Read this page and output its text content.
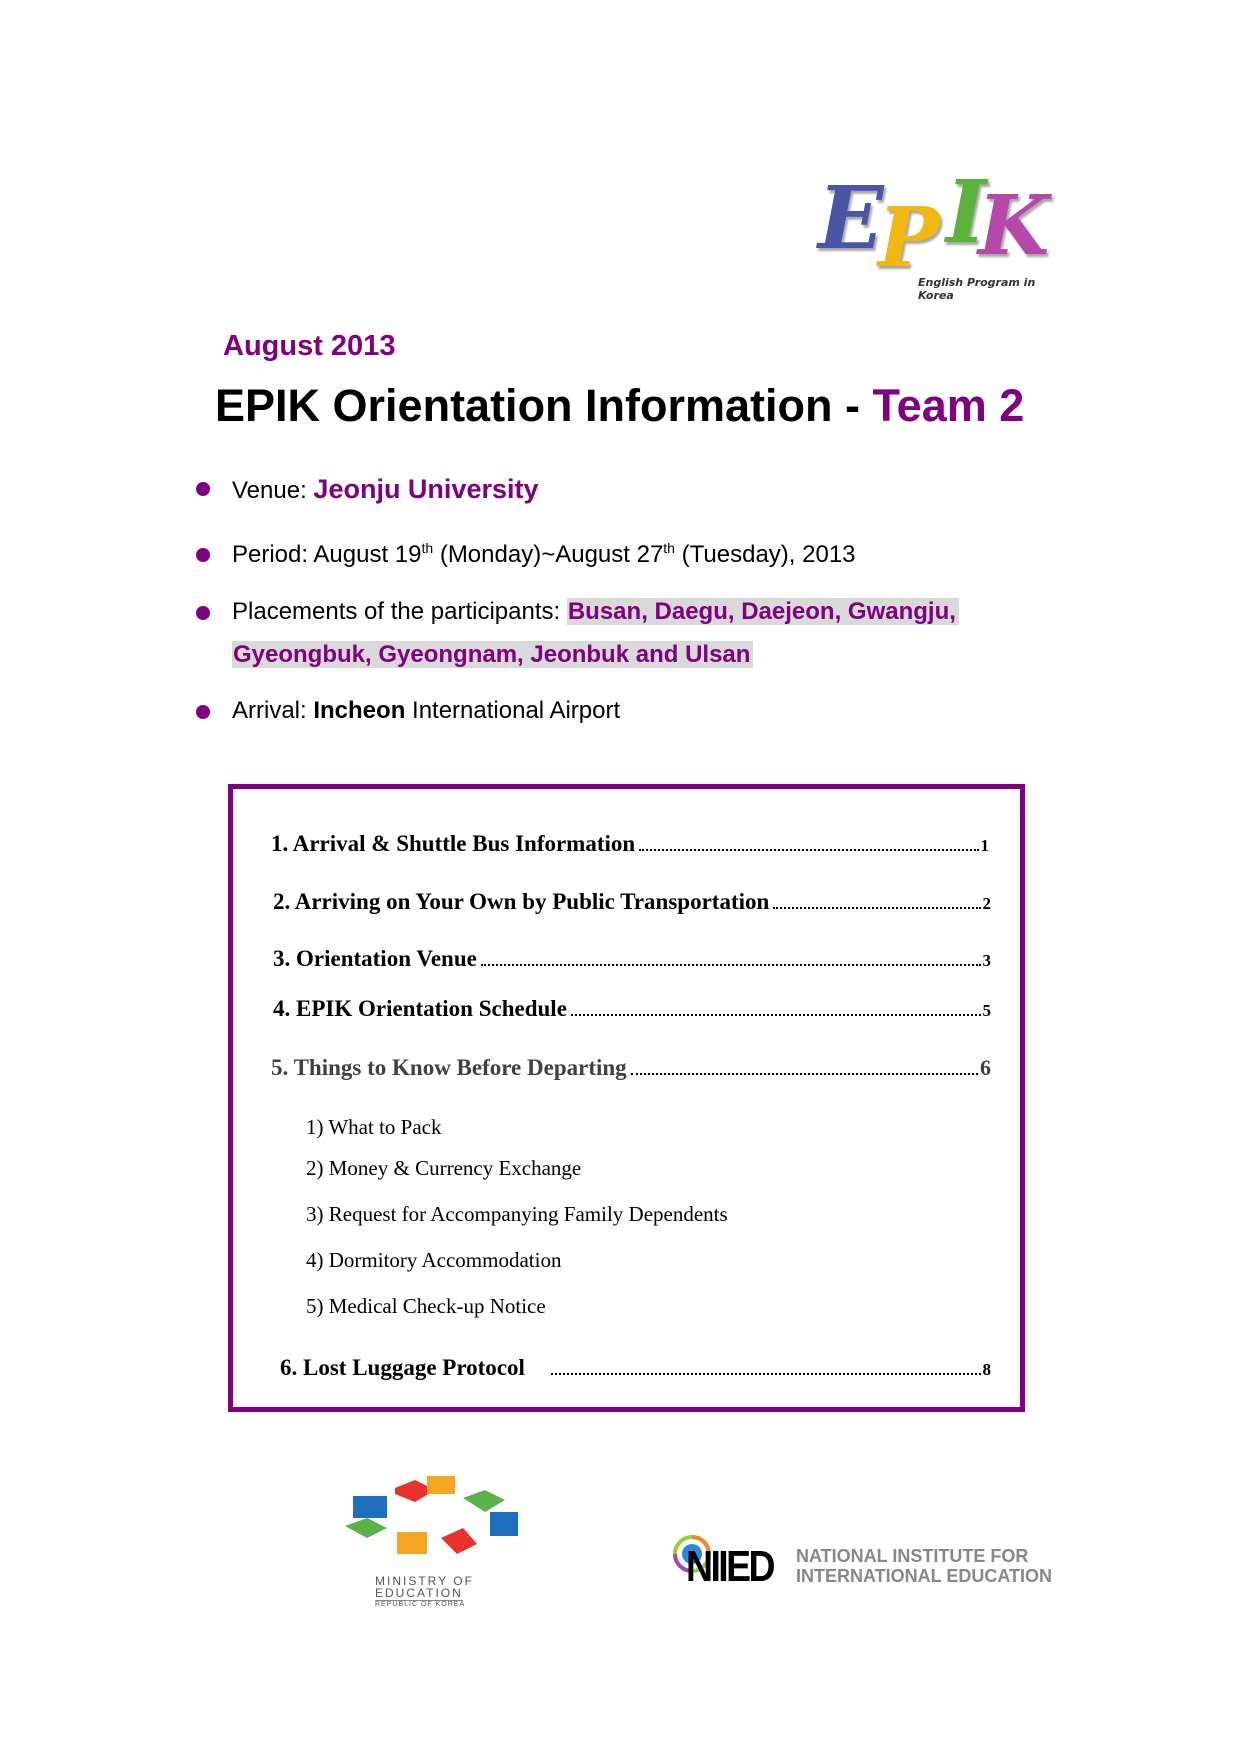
E
P I
K
English Program in Korea
August 2013
EPIK Orientation Information - Team 2
Venue: Jeonju University
Period: August 19th (Monday)~August 27th (Tuesday), 2013
Placements of the participants: Busan, Daegu, Daejeon, Gwangju,
Gyeongbuk, Gyeongnam, Jeonbuk and Ulsan
Arrival: Incheon International Airport
1. Arrival & Shuttle Bus Information	1
2. Arriving on Your Own by Public Transportation	2
3. Orientation Venue	3
4. EPIK Orientation Schedule	5
5. Things to Know Before Departing	6
1) What to Pack
2) Money & Currency Exchange
3) Request for Accompanying Family Dependents
4) Dormitory Accommodation
5) Medical Check-up Notice
6. Lost Luggage Protocol	8
MINISTRY OF
EDUCATION
REPUBLIC OF KOREA
NIIED NATIONAL INSTITUTE FOR
INTERNATIONAL EDUCATION
